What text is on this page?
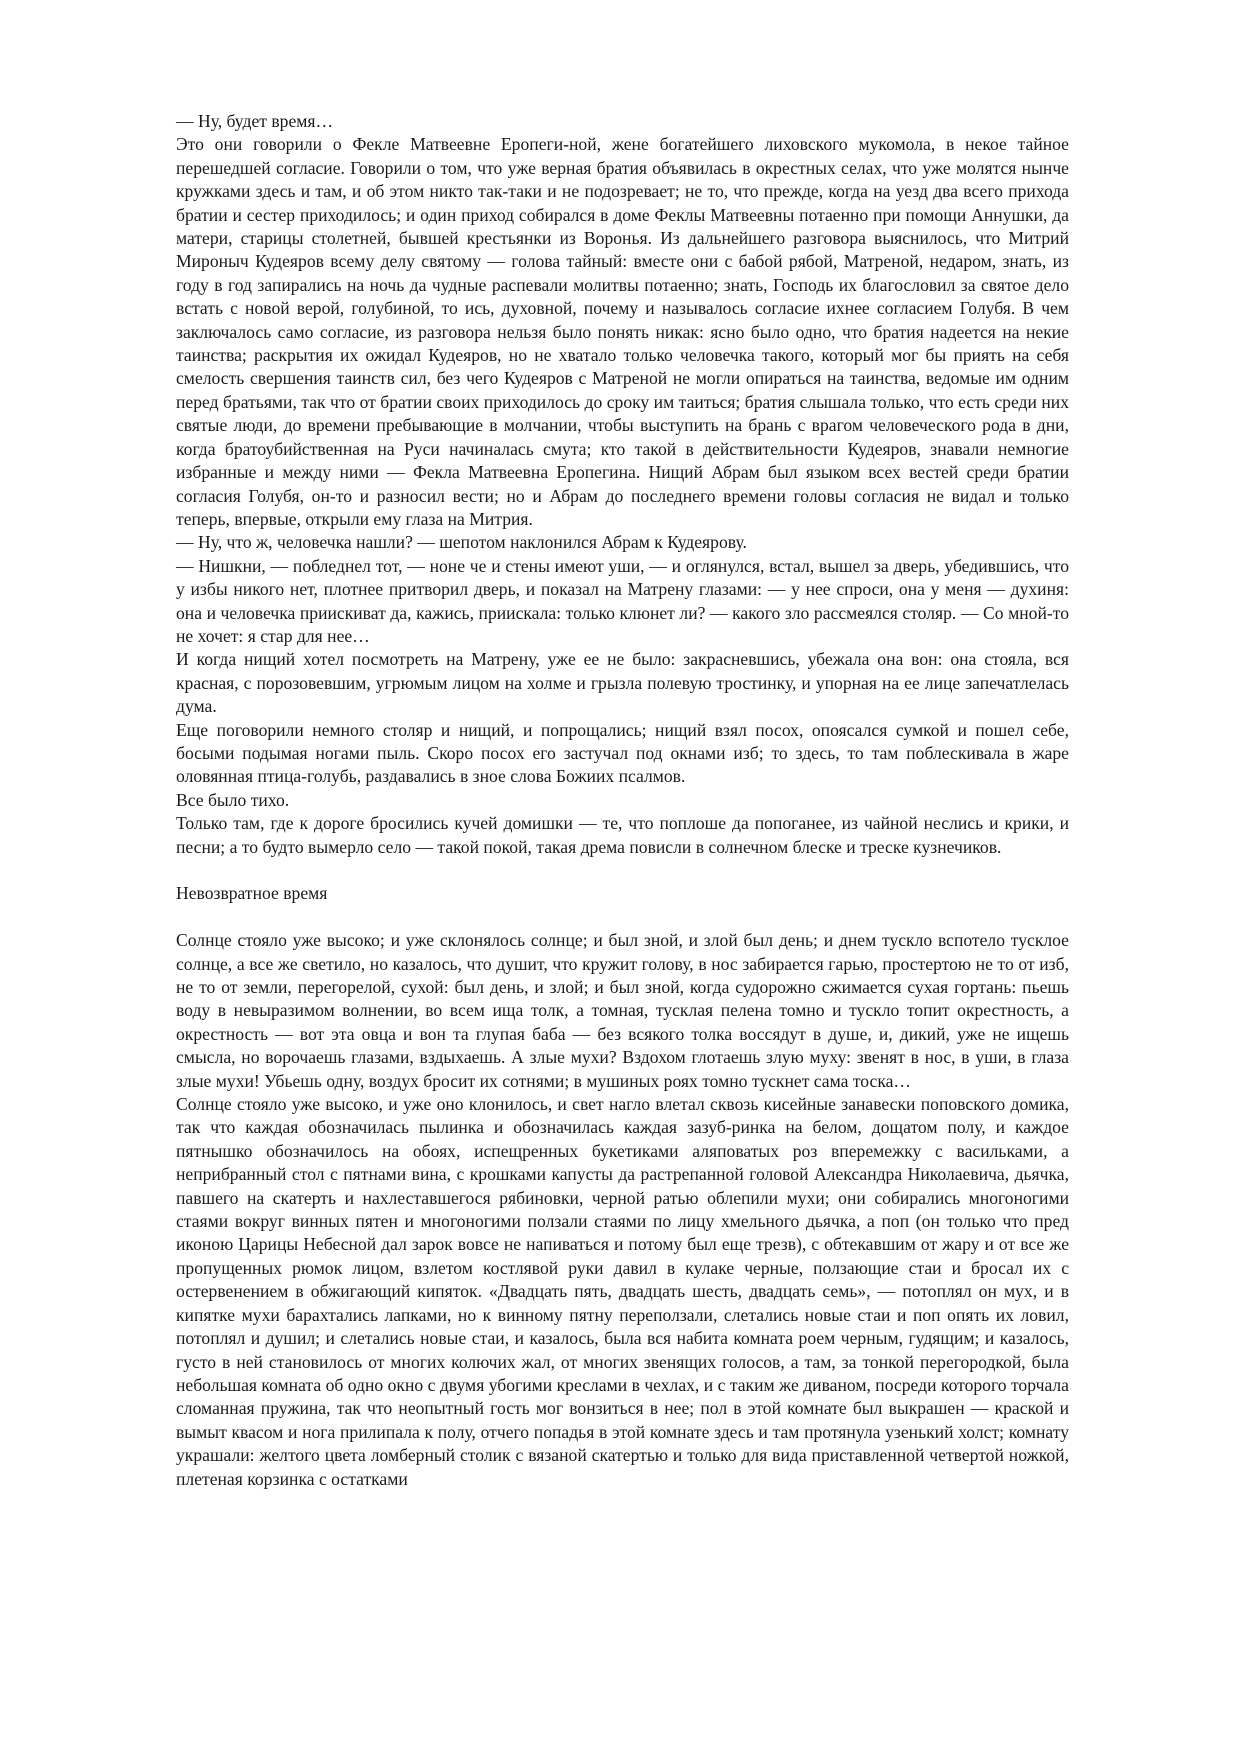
— Ну, будет время…

Это они говорили о Фекле Матвеевне Еропеги-ной, жене богатейшего лиховского мукомола, в некое тайное перешедшей согласие. Говорили о том, что уже верная братия объявилась в окрестных селах, что уже молятся нынче кружками здесь и там, и об этом никто так-таки и не подозревает; не то, что прежде, когда на уезд два всего прихода братии и сестер приходилось; и один приход собирался в доме Феклы Матвеевны потаенно при помощи Аннушки, да матери, старицы столетней, бывшей крестьянки из Воронья. Из дальнейшего разговора выяснилось, что Митрий Мироныч Кудеяров всему делу святому — голова тайный: вместе они с бабой рябой, Матреной, недаром, знать, из году в год запирались на ночь да чудные распевали молитвы потаенно; знать, Господь их благословил за святое дело встать с новой верой, голубиной, то ись, духовной, почему и называлось согласие ихнее согласием Голубя. В чем заключалось само согласие, из разговора нельзя было понять никак: ясно было одно, что братия надеется на некие таинства; раскрытия их ожидал Кудеяров, но не хватало только человечка такого, который мог бы приять на себя смелость свершения таинств сил, без чего Кудеяров с Матреной не могли опираться на таинства, ведомые им одним перед братьями, так что от братии своих приходилось до сроку им таиться; братия слышала только, что есть среди них святые люди, до времени пребывающие в молчании, чтобы выступить на брань с врагом человеческого рода в дни, когда братоубийственная на Руси начиналась смута; кто такой в действительности Кудеяров, знавали немногие избранные и между ними — Фекла Матвеевна Еропегина. Нищий Абрам был языком всех вестей среди братии согласия Голубя, он-то и разносил вести; но и Абрам до последнего времени головы согласия не видал и только теперь, впервые, открыли ему глаза на Митрия.

— Ну, что ж, человечка нашли? — шепотом наклонился Абрам к Кудеярову.

— Нишкни, — побледнел тот, — ноне че и стены имеют уши, — и оглянулся, встал, вышел за дверь, убедившись, что у избы никого нет, плотнее притворил дверь, и показал на Матрену глазами: — у нее спроси, она у меня — духиня: она и человечка приискиват да, кажись, приискала: только клюнет ли? — какого зло рассмеялся столяр. — Со мной-то не хочет: я стар для нее…

И когда нищий хотел посмотреть на Матрену, уже ее не было: закрасневшись, убежала она вон: она стояла, вся красная, с порозовевшим, угрюмым лицом на холме и грызла полевую тростинку, и упорная на ее лице запечатлелась дума.

Еще поговорили немного столяр и нищий, и попрощались; нищий взял посох, опоясался сумкой и пошел себе, босыми подымая ногами пыль. Скоро посох его застучал под окнами изб; то здесь, то там поблескивала в жаре оловянная птица-голубь, раздавались в зное слова Божиих псалмов.

Все было тихо.

Только там, где к дороге бросились кучей домишки — те, что поплоше да попоганее, из чайной неслись и крики, и песни; а то будто вымерло село — такой покой, такая дрема повисли в солнечном блеске и треске кузнечиков.

Невозвратное время

Солнце стояло уже высоко; и уже склонялось солнце; и был зной, и злой был день; и днем тускло вспотело тусклое солнце, а все же светило, но казалось, что душит, что кружит голову, в нос забирается гарью, простертою не то от изб, не то от земли, перегорелой, сухой: был день, и злой; и был зной, когда судорожно сжимается сухая гортань: пьешь воду в невыразимом волнении, во всем ища толк, а томная, тусклая пелена томно и тускло топит окрестность, а окрестность — вот эта овца и вон та глупая баба — без всякого толка воссядут в душе, и, дикий, уже не ищешь смысла, но ворочаешь глазами, вздыхаешь. А злые мухи? Вздохом глотаешь злую муху: звенят в нос, в уши, в глаза злые мухи! Убьешь одну, воздух бросит их сотнями; в мушиных роях томно тускнет сама тоска…

Солнце стояло уже высоко, и уже оно клонилось, и свет нагло влетал сквозь кисейные занавески поповского домика, так что каждая обозначилась пылинка и обозначилась каждая зазуб-ринка на белом, дощатом полу, и каждое пятнышко обозначилось на обоях, испещренных букетиками аляповатых роз вперемежку с васильками, а неприбранный стол с пятнами вина, с крошками капусты да растрепанной головой Александра Николаевича, дьячка, павшего на скатерть и нахлеставшегося рябиновки, черной ратью облепили мухи; они собирались многоногими стаями вокруг винных пятен и многоногими ползали стаями по лицу хмельного дьячка, а поп (он только что пред иконою Царицы Небесной дал зарок вовсе не напиваться и потому был еще трезв), с обтекавшим от жару и от все же пропущенных рюмок лицом, взлетом костлявой руки давил в кулаке черные, ползающие стаи и бросал их с остервенением в обжигающий кипяток. «Двадцать пять, двадцать шесть, двадцать семь», — потоплял он мух, и в кипятке мухи барахтались лапками, но к винному пятну переползали, слетались новые стаи и поп опять их ловил, потоплял и душил; и слетались новые стаи, и казалось, была вся набита комната роем черным, гудящим; и казалось, густо в ней становилось от многих колючих жал, от многих звенящих голосов, а там, за тонкой перегородкой, была небольшая комната об одно окно с двумя убогими креслами в чехлах, и с таким же диваном, посреди которого торчала сломанная пружина, так что неопытный гость мог вонзиться в нее; пол в этой комнате был выкрашен — краской и вымыт квасом и нога прилипала к полу, отчего попадья в этой комнате здесь и там протянула узенький холст; комнату украшали: желтого цвета ломберный столик с вязаной скатертью и только для вида приставленной четвертой ножкой, плетеная корзинка с остатками
